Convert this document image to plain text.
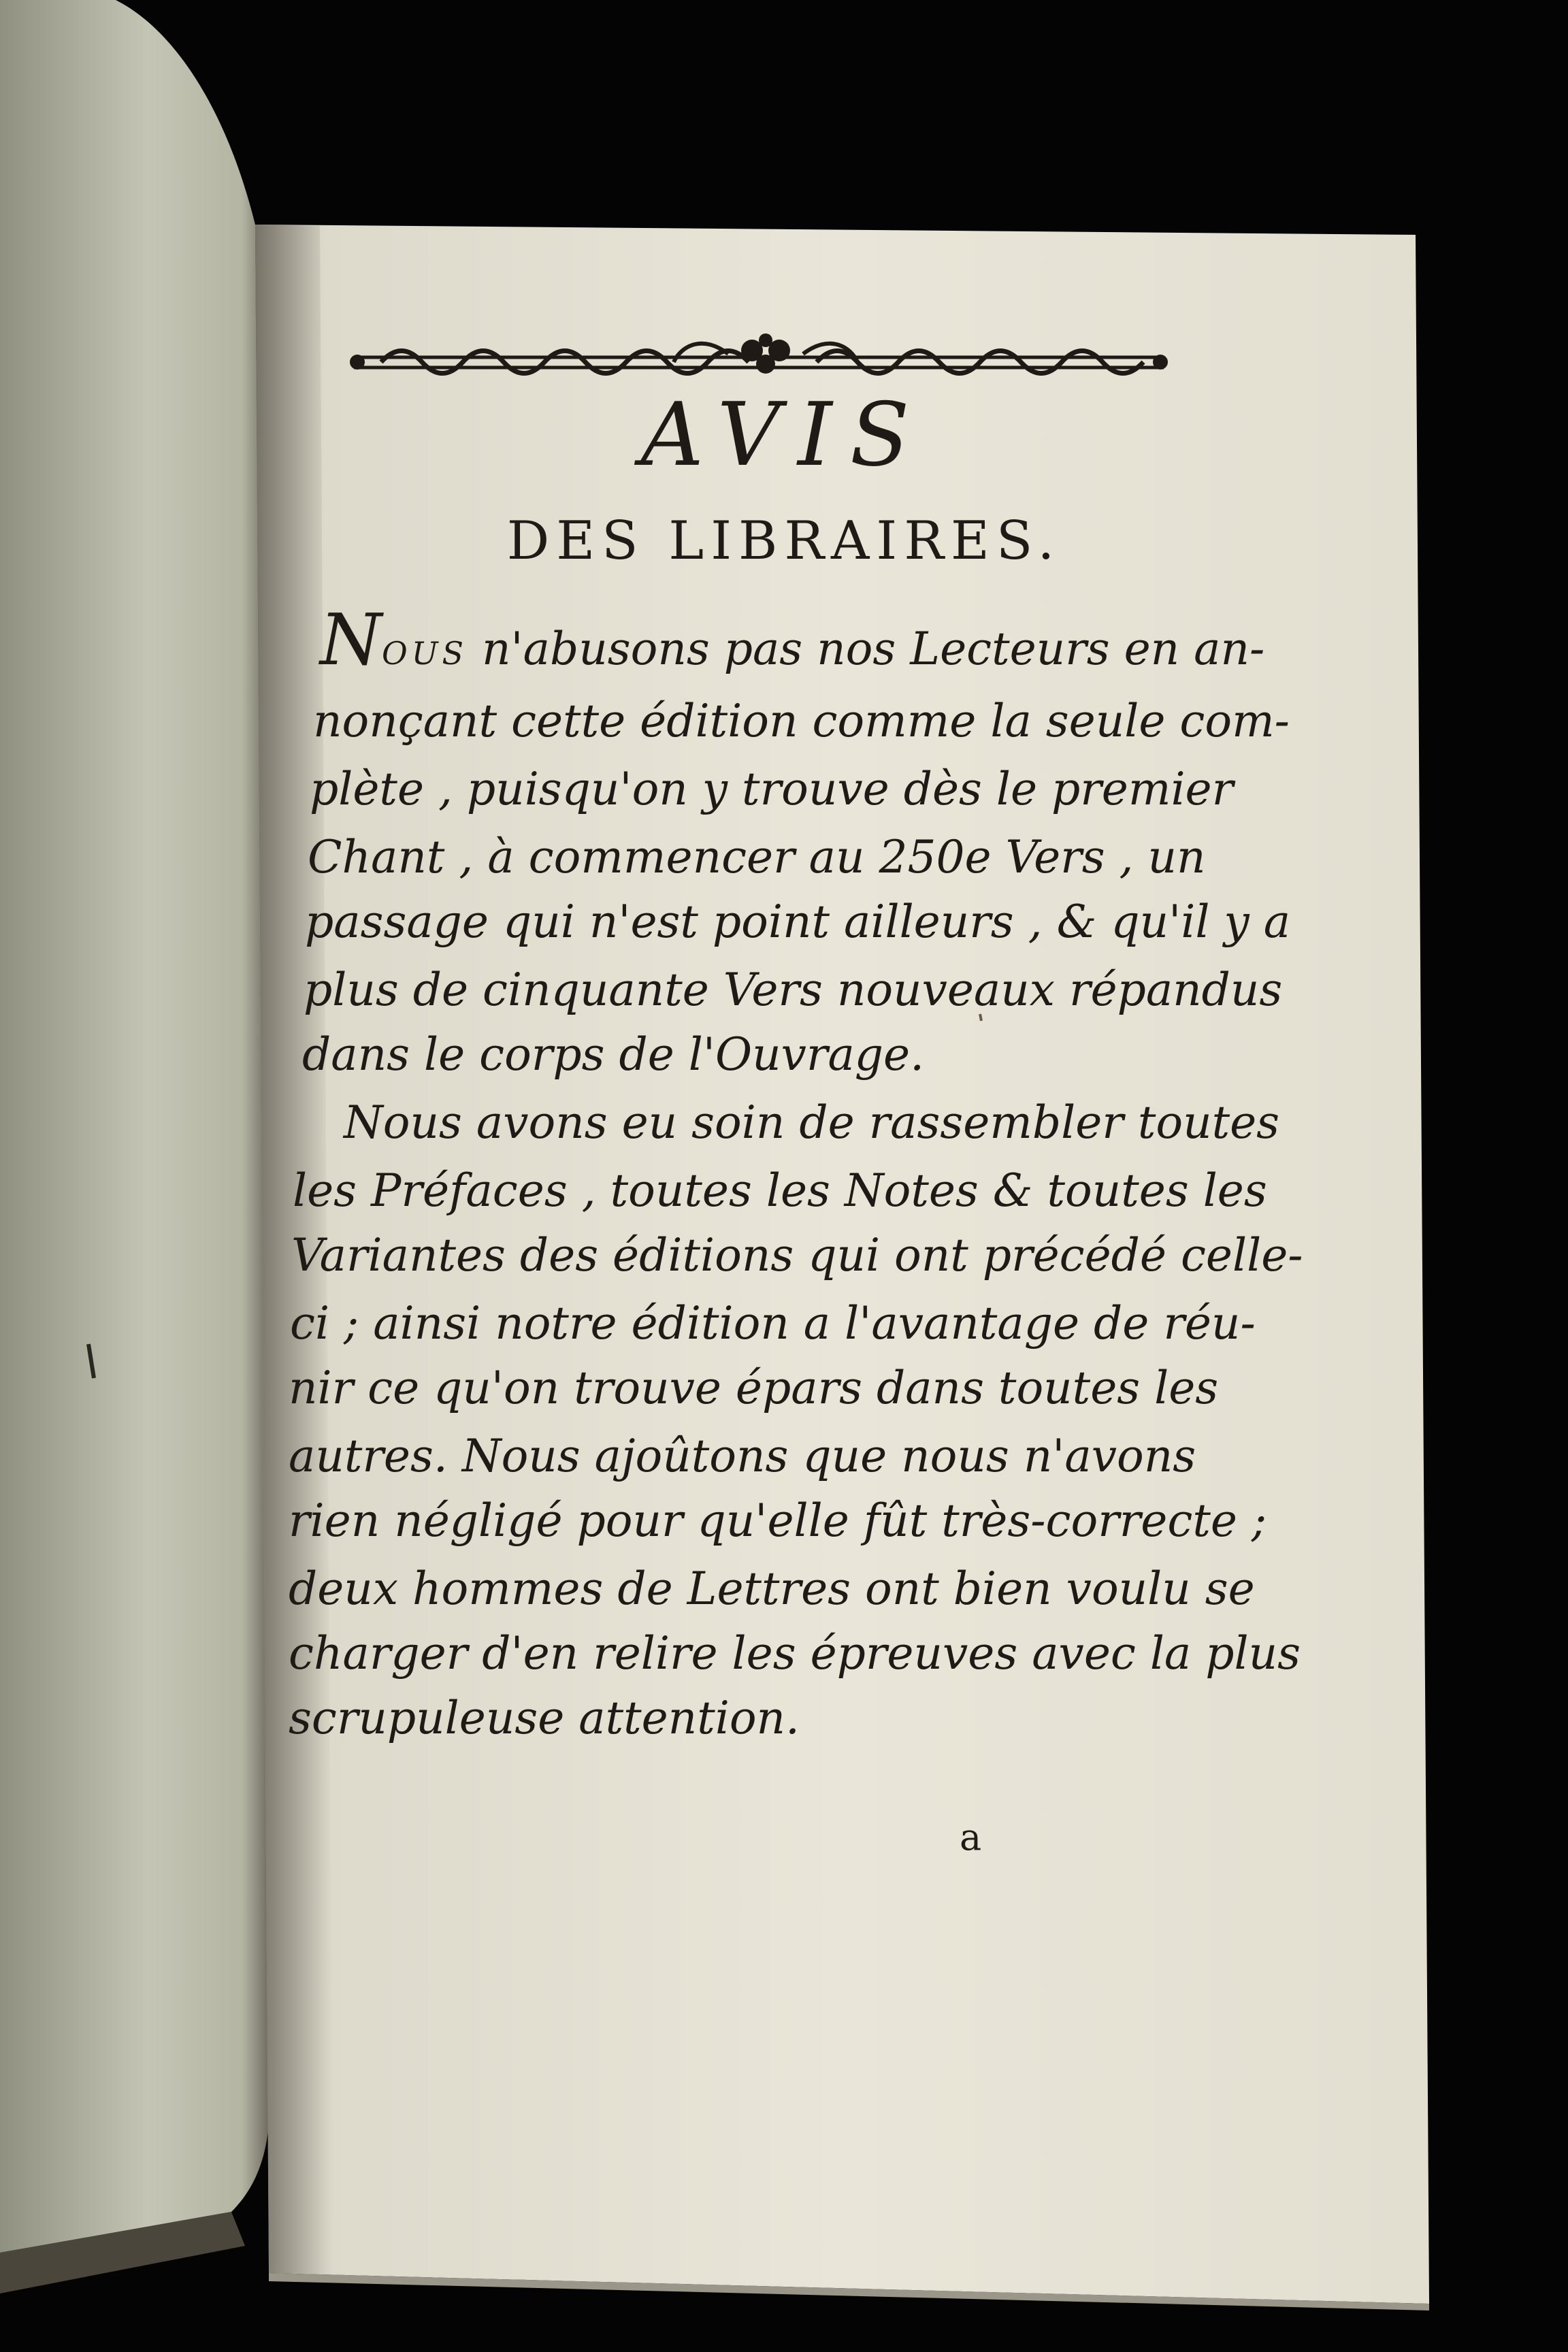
AVIS
DES LIBRAIRES.
Nous n'abusons pas nos Lecteurs en an-
nonçant cette édition comme la seule com-
plète , puisqu'on y trouve dès le premier
Chant , à commencer au 250e Vers , un
passage qui n'est point ailleurs , & qu'il y a
plus de cinquante Vers nouveaux répandus
dans le corps de l'Ouvrage.
Nous avons eu soin de rassembler toutes
les Préfaces , toutes les Notes & toutes les
Variantes des éditions qui ont précédé celle-
ci ; ainsi notre édition a l'avantage de réu-
nir ce qu'on trouve épars dans toutes les
autres. Nous ajoûtons que nous n'avons
rien négligé pour qu'elle fût très-correcte ;
deux hommes de Lettres ont bien voulu se
charger d'en relire les épreuves avec la plus
scrupuleuse attention.
a
